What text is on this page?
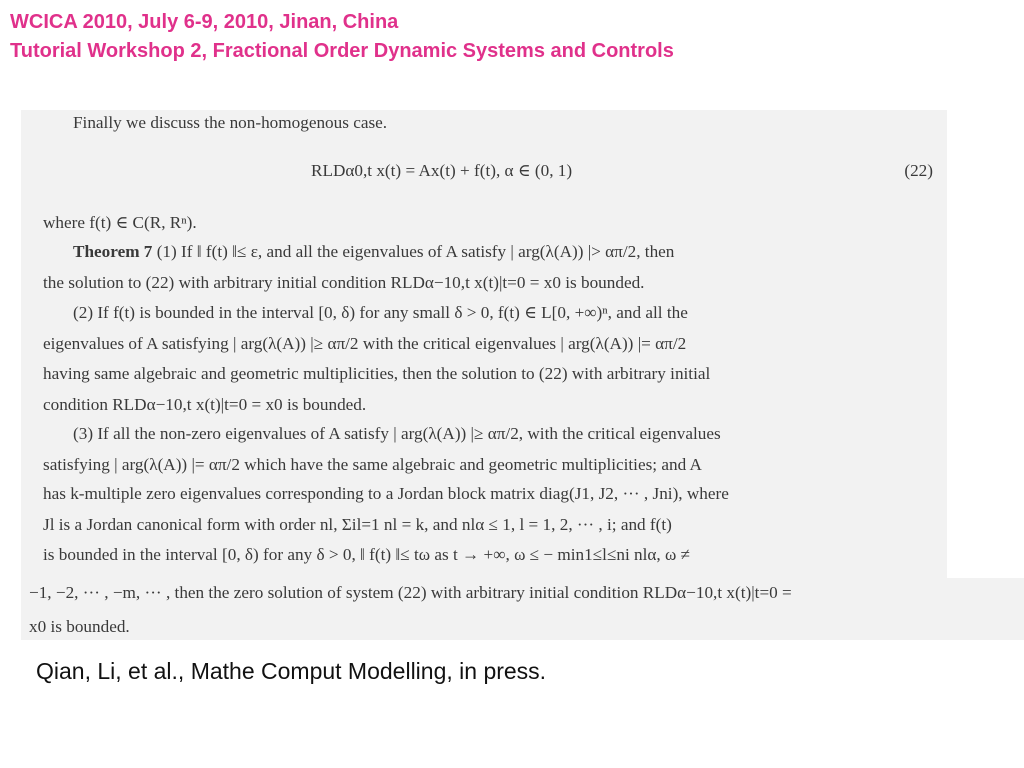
WCICA 2010, July 6-9, 2010, Jinan, China
Tutorial Workshop 2, Fractional Order Dynamic Systems and Controls
Finally we discuss the non-homogenous case.
RLDα0,t x(t) = Ax(t) + f(t), α ∈ (0, 1)	(22)
where f(t) ∈ C(R, Rⁿ).
Theorem 7 (1) If ‖ f(t) ‖≤ ε, and all the eigenvalues of A satisfy | arg(λ(A)) |> απ/2, then
the solution to (22) with arbitrary initial condition RLDα−10,t x(t)|t=0 = x0 is bounded.
(2) If f(t) is bounded in the interval [0, δ) for any small δ > 0, f(t) ∈ L[0, +∞)ⁿ, and all the
eigenvalues of A satisfying | arg(λ(A)) |≥ απ/2 with the critical eigenvalues | arg(λ(A)) |= απ/2
having same algebraic and geometric multiplicities, then the solution to (22) with arbitrary initial
condition RLDα−10,t x(t)|t=0 = x0 is bounded.
(3) If all the non-zero eigenvalues of A satisfy | arg(λ(A)) |≥ απ/2, with the critical eigenvalues
satisfying | arg(λ(A)) |= απ/2 which have the same algebraic and geometric multiplicities; and A
has k-multiple zero eigenvalues corresponding to a Jordan block matrix diag(J1, J2, ··· , Jni), where
Jl is a Jordan canonical form with order nl, Σil=1 nl = k, and nlα ≤ 1, l = 1, 2, ··· , i; and f(t)
is bounded in the interval [0, δ) for any δ > 0, ‖ f(t) ‖≤ tω as t → +∞, ω ≤ − min1≤l≤ni nlα, ω ≠
−1, −2, ··· , −m, ··· , then the zero solution of system (22) with arbitrary initial condition RLDα−10,t x(t)|t=0 =
x0 is bounded.
Qian, Li, et al., Mathe Comput Modelling, in press.
